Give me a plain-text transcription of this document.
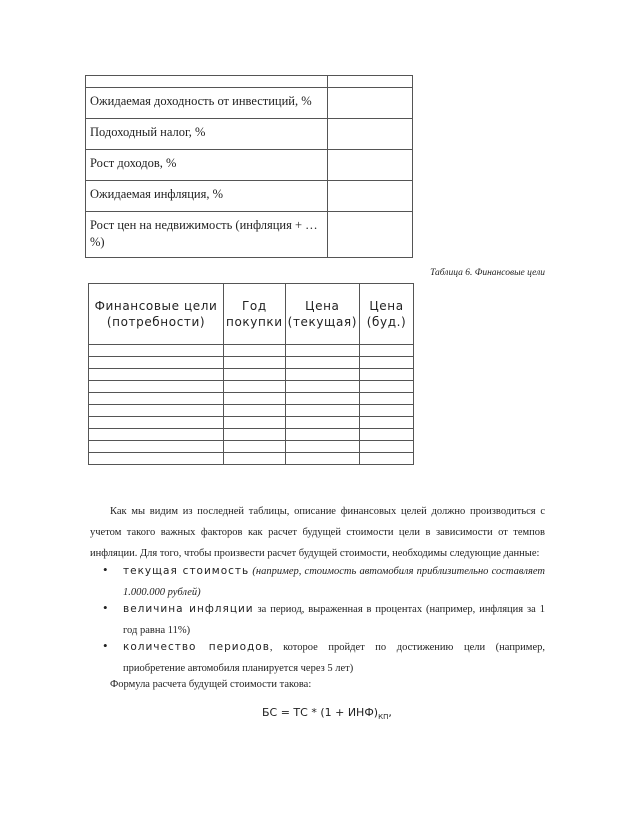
Ожидаемая доходность от инвестиций, %	
Подоходный налог, %	
Рост доходов, %	
Ожидаемая инфляция, %	
Рост цен на недвижимость (инфляция + … %)	
Таблица 6. Финансовые цели
Финансовые цели (потребности)	Год покупки	Цена (текущая)	Цена (буд.)

Как мы видим из последней таблицы, описание финансовых целей должно производиться с учетом такого важных факторов как расчет будущей стоимости цели в зависимости от темпов инфляции. Для того, чтобы произвести расчет будущей стоимости, необходимы следующие данные:
• текущая стоимость (например, стоимость автомобиля приблизительно составляет 1.000.000 рублей)
• величина инфляции за период, выраженная в процентах (например, инфляция за 1 год равна 11%)
• количество периодов, которое пройдет по достижению цели (например, приобретение автомобиля планируется через 5 лет)
Формула расчета будущей стоимости такова:
БС = ТС * $(1 + ИНФ)_{КП}$,
